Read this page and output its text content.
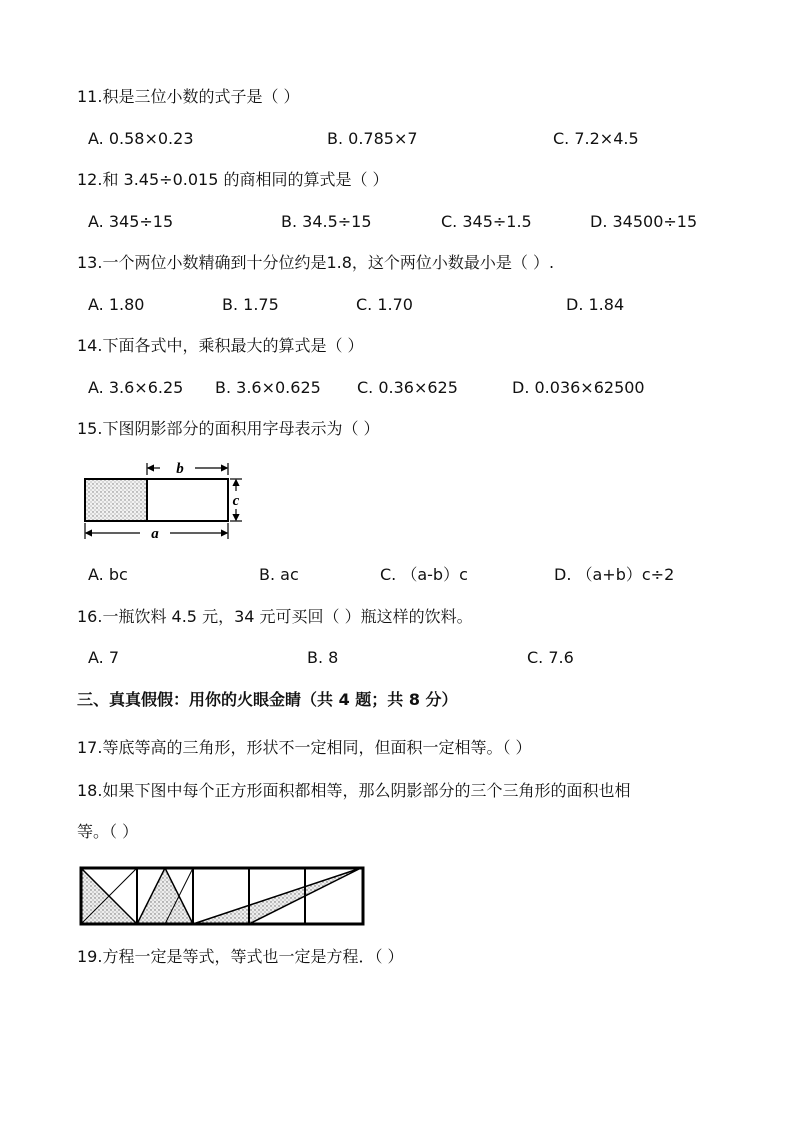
11.积是三位小数的式子是（ ）
A. 0.58×0.23	B. 0.785×7	C. 7.2×4.5
12.和 3.45÷0.015 的商相同的算式是（ ）
A. 345÷15	B. 34.5÷15	C. 345÷1.5	D. 34500÷15
13.一个两位小数精确到十分位约是1.8，这个两位小数最小是（ ）.
A. 1.80	B. 1.75	C. 1.70	D. 1.84
14.下面各式中，乘积最大的算式是（ ）
A. 3.6×6.25 B. 3.6×0.625 C. 0.36×625	D. 0.036×62500
15.下图阴影部分的面积用字母表示为（ ）
b
c
a
A. bc	B. ac	C. （a-b）c	D. （a+b）c÷2
16.一瓶饮料 4.5 元，34 元可买回（ ）瓶这样的饮料。
A. 7	B. 8	C. 7.6
三、真真假假：用你的火眼金睛（共 4 题；共 8 分）
17.等底等高的三角形，形状不一定相同，但面积一定相等。（ ）
18.如果下图中每个正方形面积都相等，那么阴影部分的三个三角形的面积也相
等。（ ）
19.方程一定是等式，等式也一定是方程．（ ）
